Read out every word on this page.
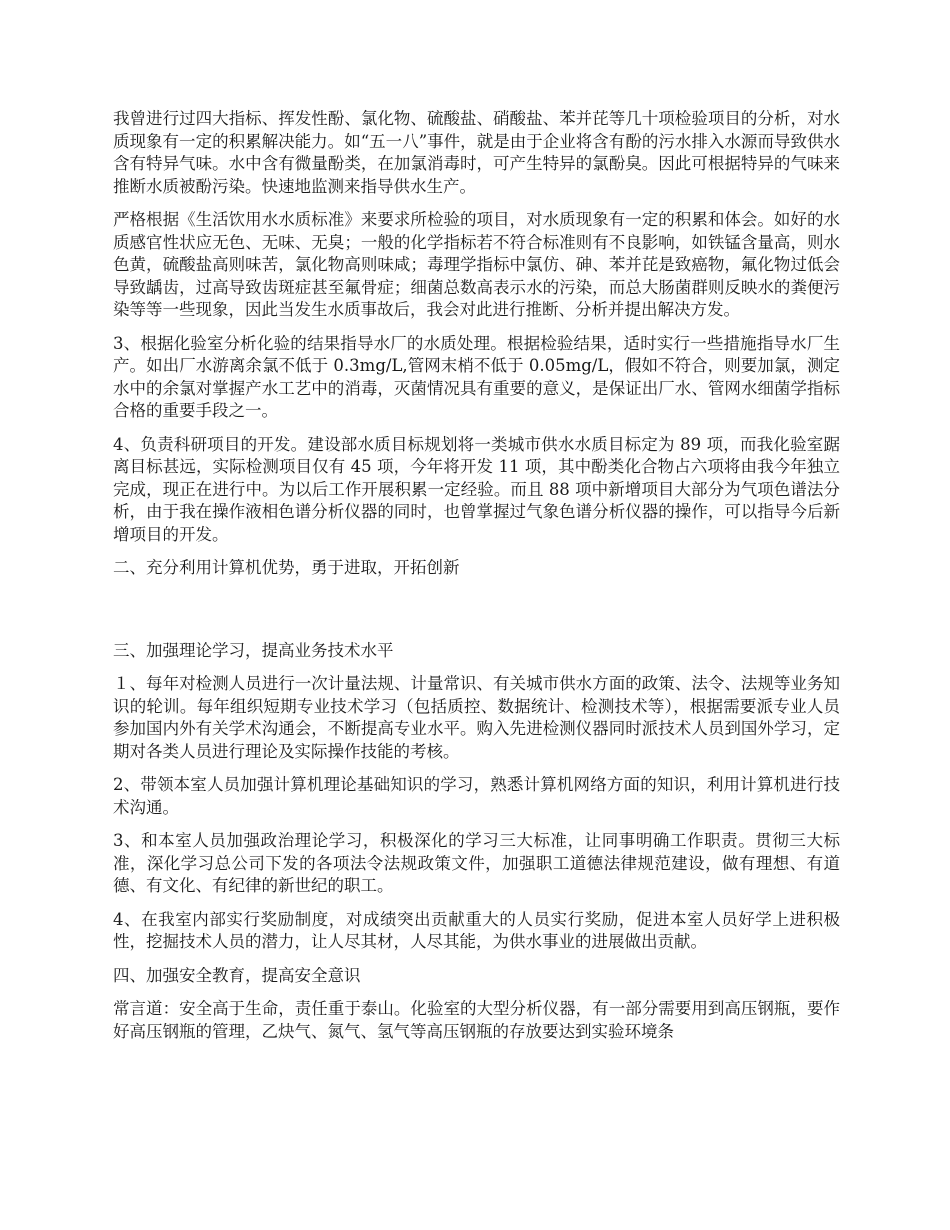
我曾进行过四大指标、挥发性酚、氯化物、硫酸盐、硝酸盐、苯并芘等几十项检验项目的分析，对水质现象有一定的积累解决能力。如“五一八”事件，就是由于企业将含有酚的污水排入水源而导致供水含有特异气味。水中含有微量酚类，在加氯消毒时，可产生特异的氯酚臭。因此可根据特异的气味来推断水质被酚污染。快速地监测来指导供水生产。

严格根据《生活饮用水水质标准》来要求所检验的项目，对水质现象有一定的积累和体会。如好的水质感官性状应无色、无味、无臭；一般的化学指标若不符合标准则有不良影响，如铁锰含量高，则水色黄，硫酸盐高则味苦，氯化物高则味咸；毒理学指标中氯仿、砷、苯并芘是致癌物，氟化物过低会导致龋齿，过高导致齿斑症甚至氟骨症；细菌总数高表示水的污染，而总大肠菌群则反映水的粪便污染等等一些现象，因此当发生水质事故后，我会对此进行推断、分析并提出解决方发。

3、根据化验室分析化验的结果指导水厂的水质处理。根据检验结果，适时实行一些措施指导水厂生产。如出厂水游离余氯不低于 0.3mg/L,管网末梢不低于 0.05mg/L，假如不符合，则要加氯，测定水中的余氯对掌握产水工艺中的消毒，灭菌情况具有重要的意义，是保证出厂水、管网水细菌学指标合格的重要手段之一。

4、负责科研项目的开发。建设部水质目标规划将一类城市供水水质目标定为 89 项，而我化验室踞离目标甚远，实际检测项目仅有 45 项，今年将开发 11 项，其中酚类化合物占六项将由我今年独立完成，现正在进行中。为以后工作开展积累一定经验。而且 88 项中新增项目大部分为气项色谱法分析，由于我在操作液相色谱分析仪器的同时，也曾掌握过气象色谱分析仪器的操作，可以指导今后新增项目的开发。

二、充分利用计算机优势，勇于进取，开拓创新

三、加强理论学习，提高业务技术水平

１、每年对检测人员进行一次计量法规、计量常识、有关城市供水方面的政策、法令、法规等业务知识的轮训。每年组织短期专业技术学习（包括质控、数据统计、检测技术等），根据需要派专业人员参加国内外有关学术沟通会，不断提高专业水平。购入先进检测仪器同时派技术人员到国外学习，定期对各类人员进行理论及实际操作技能的考核。

2、带领本室人员加强计算机理论基础知识的学习，熟悉计算机网络方面的知识，利用计算机进行技术沟通。

3、和本室人员加强政治理论学习，积极深化的学习三大标准，让同事明确工作职责。贯彻三大标准，深化学习总公司下发的各项法令法规政策文件，加强职工道德法律规范建设，做有理想、有道德、有文化、有纪律的新世纪的职工。

4、在我室内部实行奖励制度，对成绩突出贡献重大的人员实行奖励，促进本室人员好学上进积极性，挖掘技术人员的潜力，让人尽其材，人尽其能，为供水事业的进展做出贡献。

四、加强安全教育，提高安全意识

常言道：安全高于生命，责任重于泰山。化验室的大型分析仪器，有一部分需要用到高压钢瓶，要作好高压钢瓶的管理，乙炔气、氮气、氢气等高压钢瓶的存放要达到实验环境条
